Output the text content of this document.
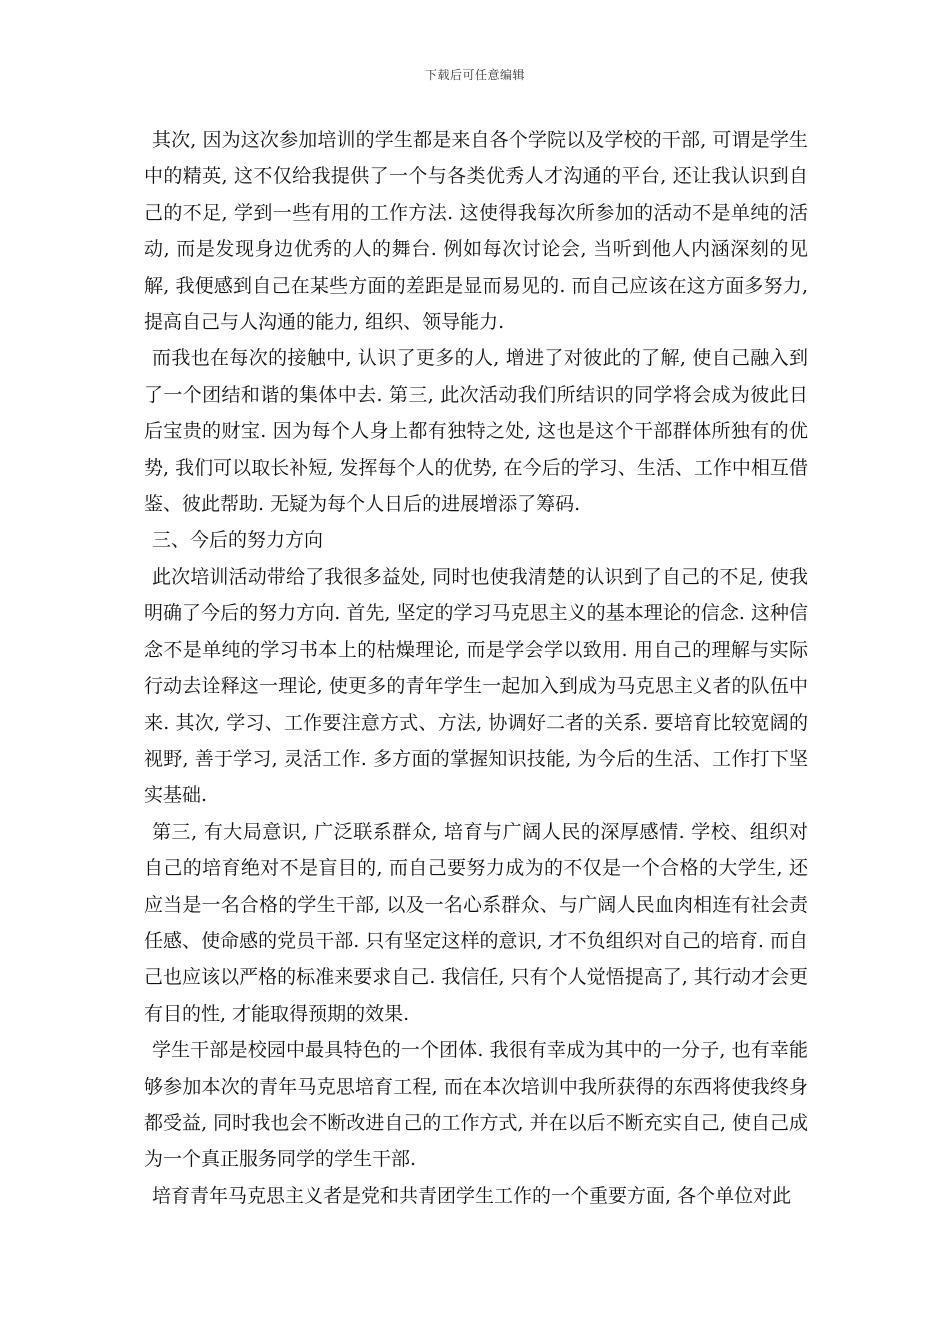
下载后可任意编辑

其次, 因为这次参加培训的学生都是来自各个学院以及学校的干部, 可谓是学生中的精英, 这不仅给我提供了一个与各类优秀人才沟通的平台, 还让我认识到自己的不足, 学到一些有用的工作方法. 这使得我每次所参加的活动不是单纯的活动, 而是发现身边优秀的人的舞台. 例如每次讨论会, 当听到他人内涵深刻的见解, 我便感到自己在某些方面的差距是显而易见的. 而自己应该在这方面多努力, 提高自己与人沟通的能力, 组织、领导能力.

而我也在每次的接触中, 认识了更多的人, 增进了对彼此的了解, 使自己融入到了一个团结和谐的集体中去. 第三, 此次活动我们所结识的同学将会成为彼此日后宝贵的财宝. 因为每个人身上都有独特之处, 这也是这个干部群体所独有的优势, 我们可以取长补短, 发挥每个人的优势, 在今后的学习、生活、工作中相互借鉴、彼此帮助. 无疑为每个人日后的进展增添了筹码.

三、今后的努力方向

此次培训活动带给了我很多益处, 同时也使我清楚的认识到了自己的不足, 使我明确了今后的努力方向. 首先, 坚定的学习马克思主义的基本理论的信念. 这种信念不是单纯的学习书本上的枯燥理论, 而是学会学以致用. 用自己的理解与实际行动去诠释这一理论, 使更多的青年学生一起加入到成为马克思主义者的队伍中来. 其次, 学习、工作要注意方式、方法, 协调好二者的关系. 要培育比较宽阔的视野, 善于学习, 灵活工作. 多方面的掌握知识技能, 为今后的生活、工作打下坚实基础.

第三, 有大局意识, 广泛联系群众, 培育与广阔人民的深厚感情. 学校、组织对自己的培育绝对不是盲目的, 而自己要努力成为的不仅是一个合格的大学生, 还应当是一名合格的学生干部, 以及一名心系群众、与广阔人民血肉相连有社会责任感、使命感的党员干部. 只有坚定这样的意识, 才不负组织对自己的培育. 而自己也应该以严格的标准来要求自己. 我信任, 只有个人觉悟提高了, 其行动才会更有目的性, 才能取得预期的效果.

学生干部是校园中最具特色的一个团体. 我很有幸成为其中的一分子, 也有幸能够参加本次的青年马克思培育工程, 而在本次培训中我所获得的东西将使我终身都受益, 同时我也会不断改进自己的工作方式, 并在以后不断充实自己, 使自己成为一个真正服务同学的学生干部.

培育青年马克思主义者是党和共青团学生工作的一个重要方面, 各个单位对此
